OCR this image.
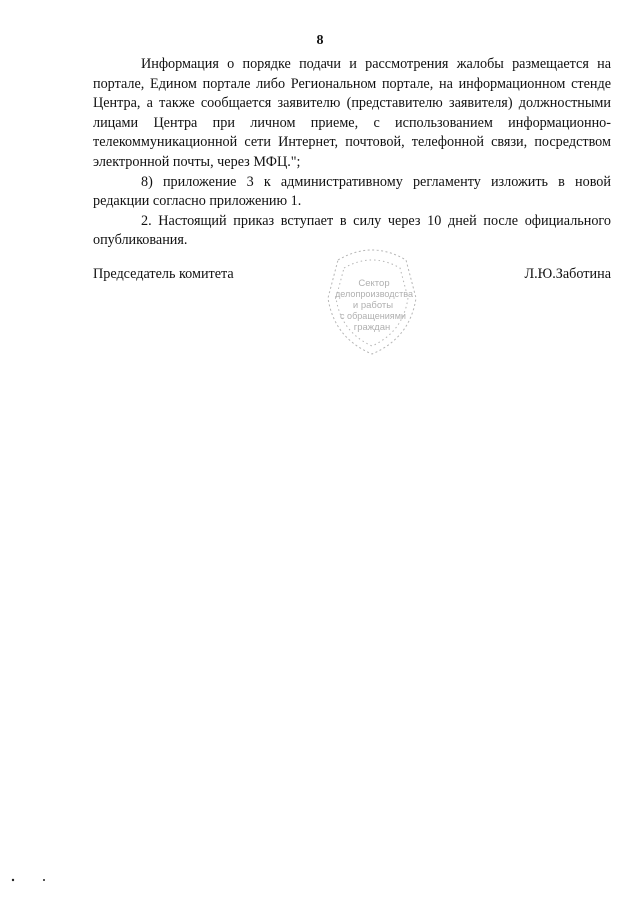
8

Информация о порядке подачи и рассмотрения жалобы размещается на портале, Едином портале либо Региональном портале, на информационном стенде Центра, а также сообщается заявителю (представителю заявителя) должностными лицами Центра при личном приеме, с использованием информационно-телекоммуникационной сети Интернет, почтовой, телефонной связи, посредством электронной почты, через МФЦ.";

8) приложение 3 к административному регламенту изложить в новой редакции согласно приложению 1.

2. Настоящий приказ вступает в силу через 10 дней после официального опубликования.

Председатель комитета	Л.Ю.Заботина
Сектор
делопроизводства
и работы
с обращениями
граждан
